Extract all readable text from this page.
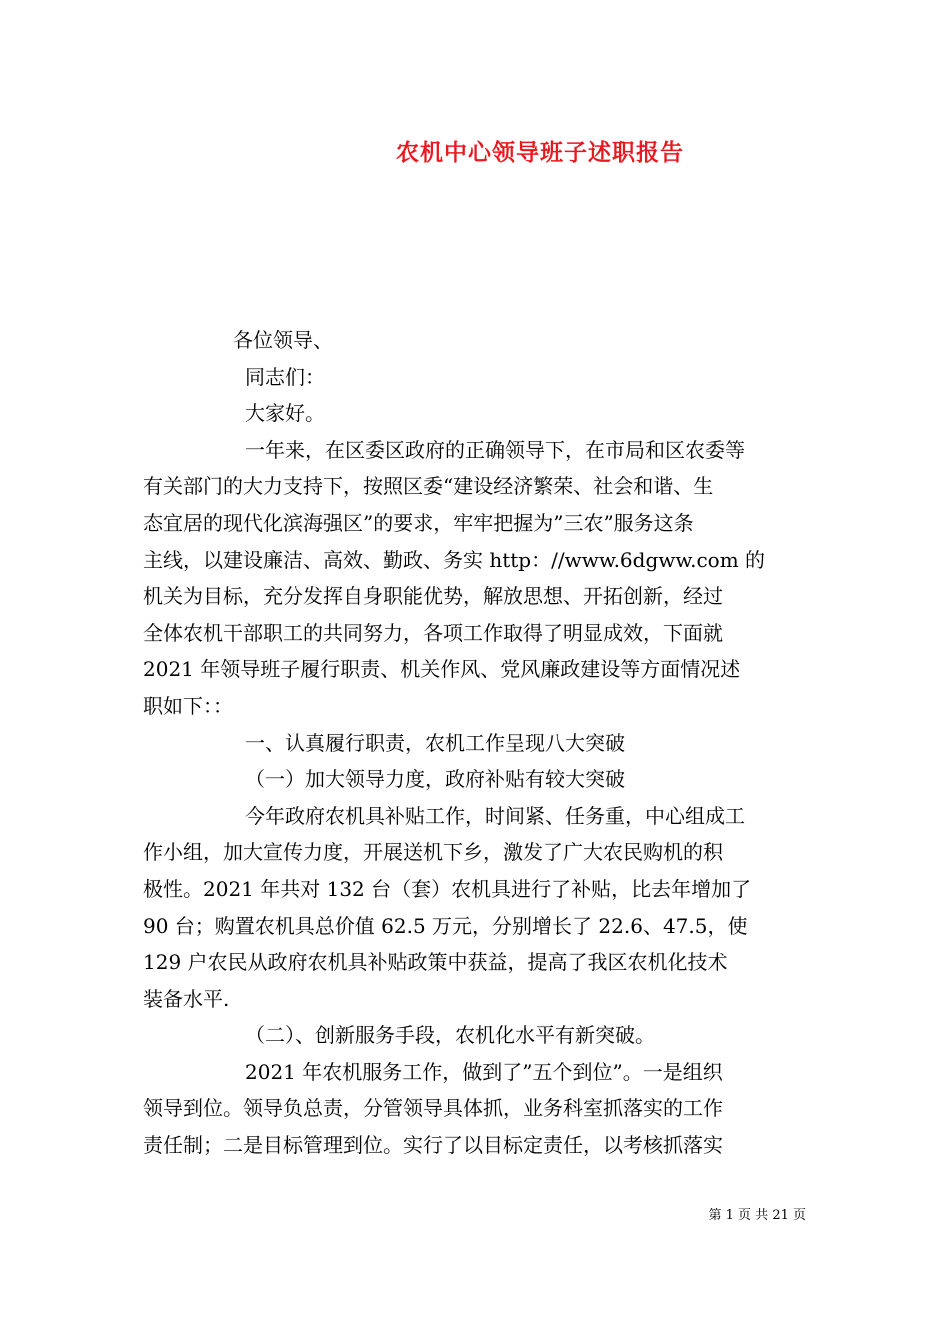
农机中心领导班子述职报告
各位领导、
同志们：
大家好。
一年来，在区委区政府的正确领导下，在市局和区农委等
有关部门的大力支持下，按照区委“建设经济繁荣、社会和谐、生
态宜居的现代化滨海强区”的要求，牢牢把握为”三农”服务这条
主线，以建设廉洁、高效、勤政、务实 http：//www.6dgww.com 的
机关为目标，充分发挥自身职能优势，解放思想、开拓创新，经过
全体农机干部职工的共同努力，各项工作取得了明显成效，下面就
2021 年领导班子履行职责、机关作风、党风廉政建设等方面情况述
职如下：：
一、认真履行职责，农机工作呈现八大突破
（一）加大领导力度，政府补贴有较大突破
今年政府农机具补贴工作，时间紧、任务重，中心组成工
作小组，加大宣传力度，开展送机下乡，激发了广大农民购机的积
极性。2021 年共对 132 台（套）农机具进行了补贴，比去年增加了
90 台；购置农机具总价值 62.5 万元，分别增长了 22.6、47.5，使
129 户农民从政府农机具补贴政策中获益，提高了我区农机化技术
装备水平.
（二）、创新服务手段，农机化水平有新突破。
2021 年农机服务工作，做到了”五个到位”。一是组织
领导到位。领导负总责，分管领导具体抓，业务科室抓落实的工作
责任制；二是目标管理到位。实行了以目标定责任，以考核抓落实
第 1 页 共 21 页
